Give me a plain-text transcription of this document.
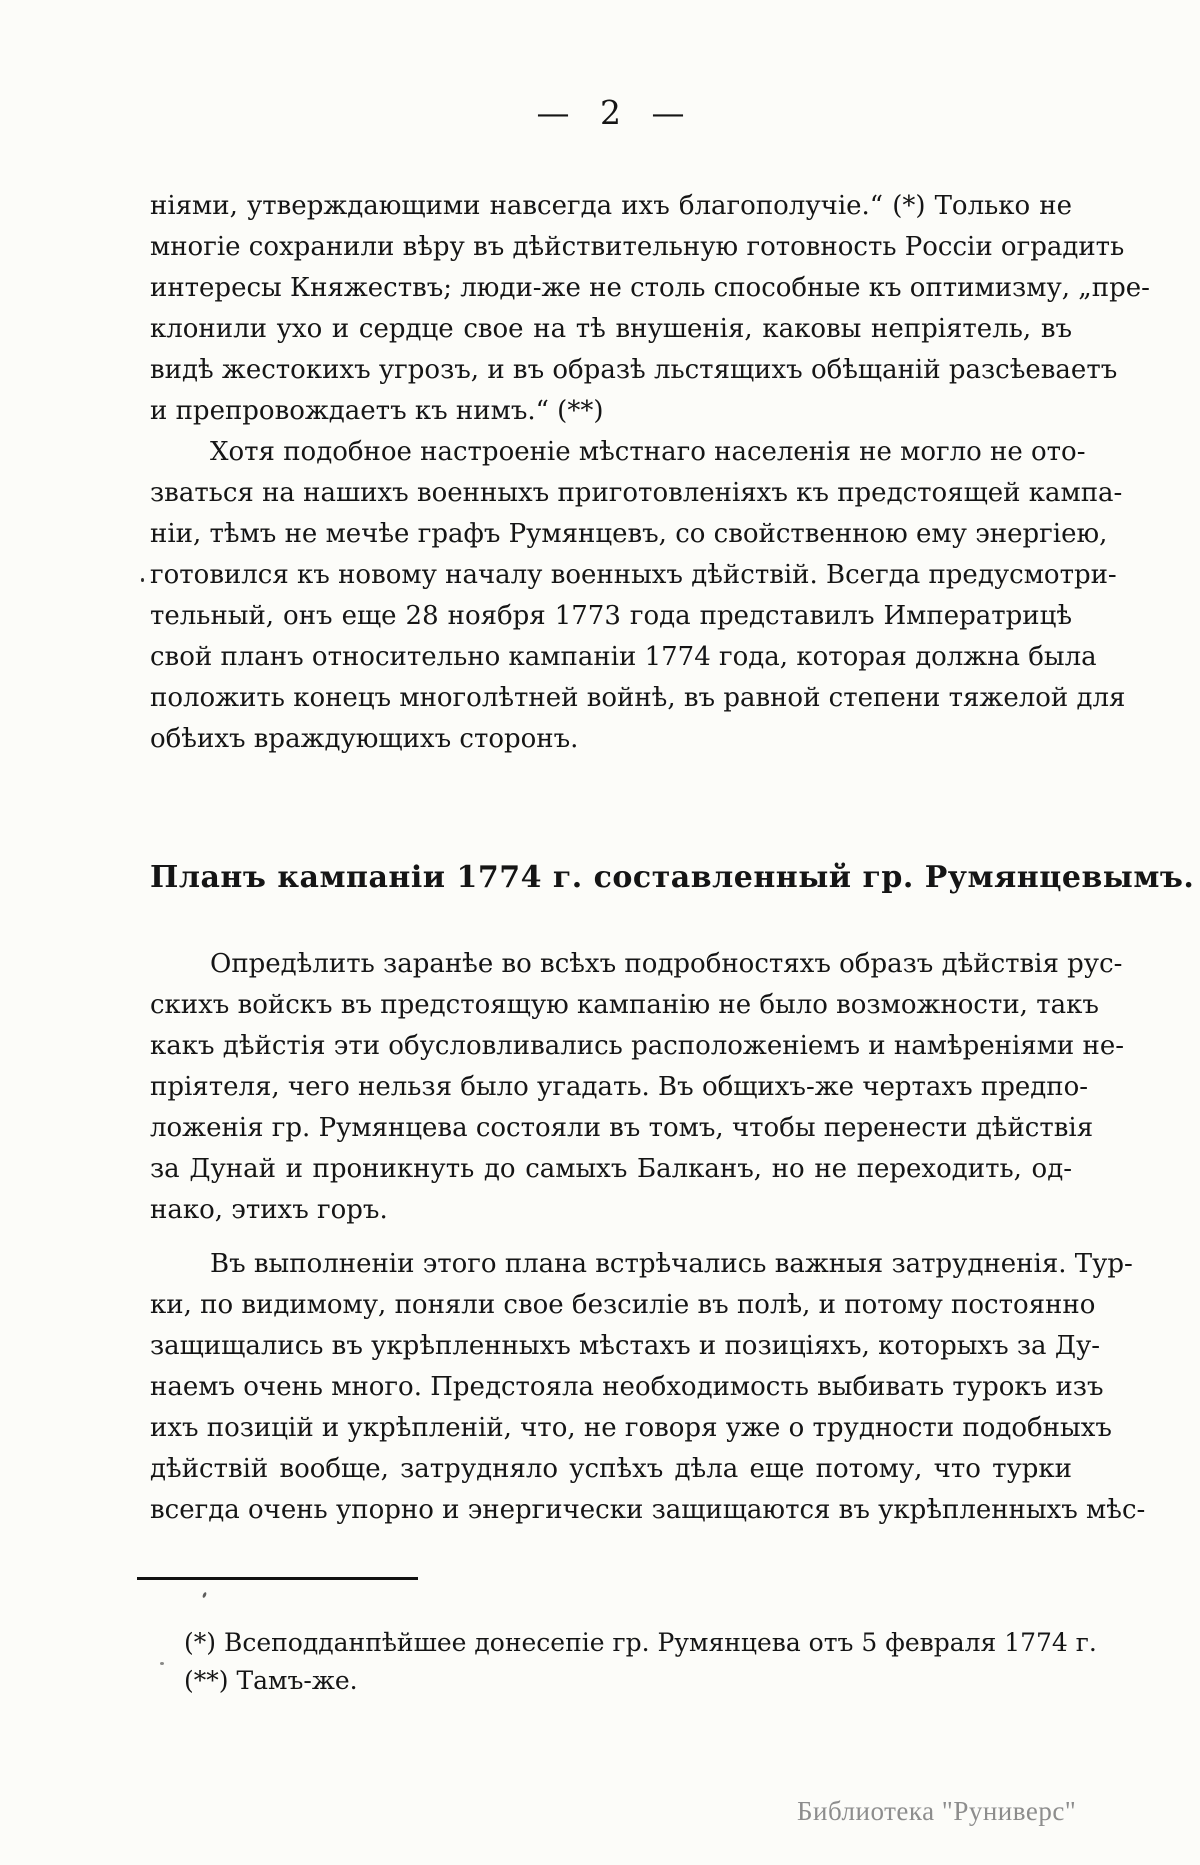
— 2 —
ніями, утверждающими навсегда ихъ благополучіе.“ (*) Только не
многіе сохранили вѣру въ дѣйствительную готовность Россіи оградить
интересы Княжествъ; люди-же не столь способные къ оптимизму, „пре-
клонили ухо и сердце свое на тѣ внушенія, каковы непріятель, въ
видѣ жестокихъ угрозъ, и въ образѣ льстящихъ обѣщаній разсѣеваетъ
и препровождаетъ къ нимъ.“ (**)
Хотя подобное настроеніе мѣстнаго населенія не могло не ото-
зваться на нашихъ военныхъ приготовленіяхъ къ предстоящей кампа-
ніи, тѣмъ не мечѣе графъ Румянцевъ, со свойственною ему энергіею,
готовился къ новому началу военныхъ дѣйствій. Всегда предусмотри-
тельный, онъ еще 28 ноября 1773 года представилъ Императрицѣ
свой планъ относительно кампаніи 1774 года, которая должна была
положить конецъ многолѣтней войнѣ, въ равной степени тяжелой для
обѣихъ враждующихъ сторонъ.
Планъ кампаніи 1774 г. составленный гр. Румянцевымъ.
Опредѣлить заранѣе во всѣхъ подробностяхъ образъ дѣйствія рус-
скихъ войскъ въ предстоящую кампанію не было возможности, такъ
какъ дѣйстія эти обусловливались расположеніемъ и намѣреніями не-
пріятеля, чего нельзя было угадать. Въ общихъ-же чертахъ предпо-
ложенія гр. Румянцева состояли въ томъ, чтобы перенести дѣйствія
за Дунай и проникнуть до самыхъ Балканъ, но не переходить, од-
нако, этихъ горъ.
Въ выполненіи этого плана встрѣчались важныя затрудненія. Тур-
ки, по видимому, поняли свое безсиліе въ полѣ, и потому постоянно
защищались въ укрѣпленныхъ мѣстахъ и позиціяхъ, которыхъ за Ду-
наемъ очень много. Предстояла необходимость выбивать турокъ изъ
ихъ позицій и укрѣпленій, что, не говоря уже о трудности подобныхъ
дѣйствій вообще, затрудняло успѣхъ дѣла еще потому, что турки
всегда очень упорно и энергически защищаются въ укрѣпленныхъ мѣс-
(*) Всеподданпѣйшее донесепіе гр. Румянцева отъ 5 февраля 1774 г.
(**) Тамъ-же.
Библиотека "Руниверс"
